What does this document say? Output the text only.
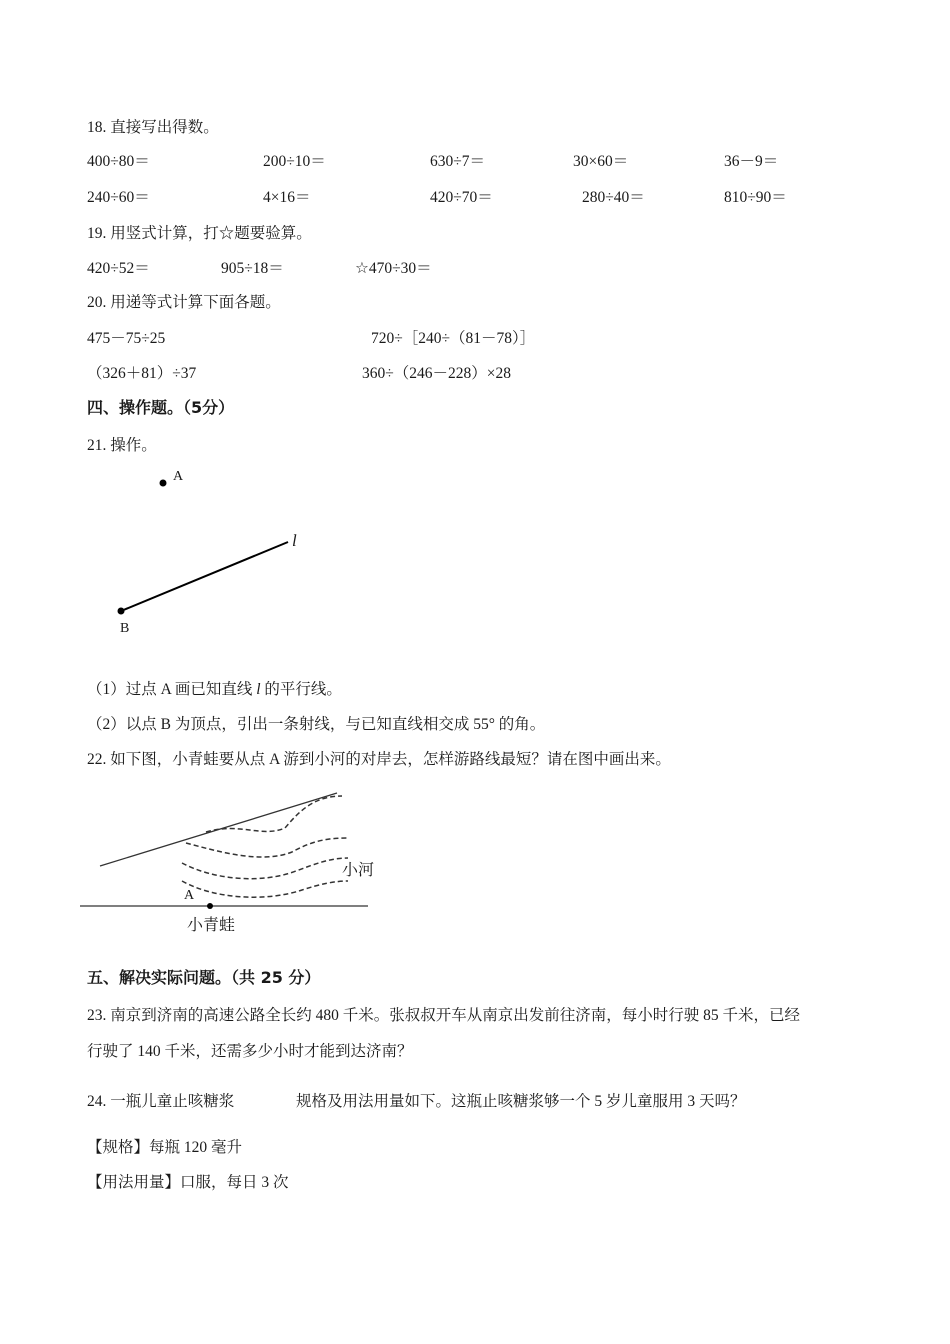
18. 直接写出得数。
400÷80＝	200÷10＝	630÷7＝	30×60＝	36－9＝
240÷60＝	4×16＝	420÷70＝	280÷40＝	810÷90＝
19. 用竖式计算，打☆题要验算。
420÷52＝	905÷18＝	☆470÷30＝
20. 用递等式计算下面各题。
475－75÷25	720÷［240÷（81－78）］
（326＋81）÷37	360÷（246－228）×28
四、操作题。（5分）
21. 操作。
A
l
B
（1）过点 A 画已知直线 l 的平行线。
（2）以点 B 为顶点，引出一条射线，与已知直线相交成 55° 的角。
22. 如下图，小青蛙要从点 A 游到小河的对岸去，怎样游路线最短？请在图中画出来。
小河
A
小青蛙
五、解决实际问题。（共 25 分）
23. 南京到济南的高速公路全长约 480 千米。张叔叔开车从南京出发前往济南，每小时行驶 85 千米，已经
行驶了 140 千米，还需多少小时才能到达济南？
24. 一瓶儿童止咳糖浆	规格及用法用量如下。这瓶止咳糖浆够一个 5 岁儿童服用 3 天吗？
【规格】每瓶 120 毫升
【用法用量】口服，每日 3 次
